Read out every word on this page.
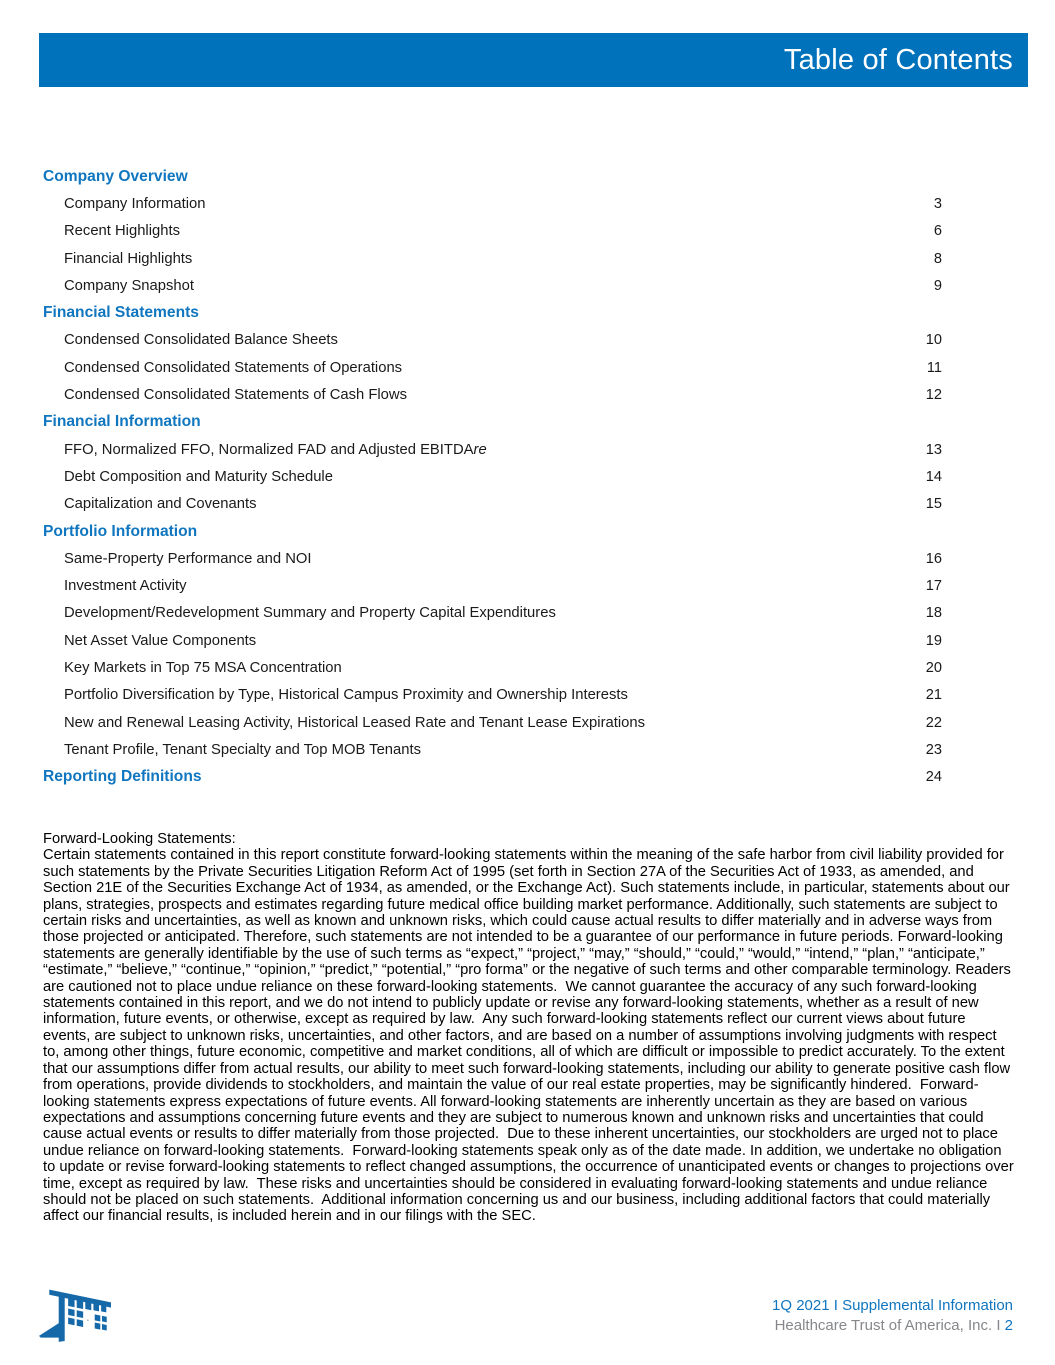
Table of Contents
Company Overview
Company Information	3
Recent Highlights	6
Financial Highlights	8
Company Snapshot	9
Financial Statements
Condensed Consolidated Balance Sheets	10
Condensed Consolidated Statements of Operations	11
Condensed Consolidated Statements of Cash Flows	12
Financial Information
FFO, Normalized FFO, Normalized FAD and Adjusted EBITDA re	13
Debt Composition and Maturity Schedule	14
Capitalization and Covenants	15
Portfolio Information
Same-Property Performance and NOI	16
Investment Activity	17
Development/Redevelopment Summary and Property Capital Expenditures	18
Net Asset Value Components	19
Key Markets in Top 75 MSA Concentration	20
Portfolio Diversification by Type, Historical Campus Proximity and Ownership Interests	21
New and Renewal Leasing Activity, Historical Leased Rate and Tenant Lease Expirations	22
Tenant Profile, Tenant Specialty and Top MOB Tenants	23
Reporting Definitions	24
Forward-Looking Statements:
Certain statements contained in this report constitute forward-looking statements within the meaning of the safe harbor from civil liability provided for such statements by the Private Securities Litigation Reform Act of 1995 (set forth in Section 27A of the Securities Act of 1933, as amended, and Section 21E of the Securities Exchange Act of 1934, as amended, or the Exchange Act). Such statements include, in particular, statements about our plans, strategies, prospects and estimates regarding future medical office building market performance. Additionally, such statements are subject to certain risks and uncertainties, as well as known and unknown risks, which could cause actual results to differ materially and in adverse ways from those projected or anticipated. Therefore, such statements are not intended to be a guarantee of our performance in future periods. Forward-looking statements are generally identifiable by the use of such terms as “expect,” “project,” “may,” “should,” “could,” “would,” “intend,” “plan,” “anticipate,” “estimate,” “believe,” “continue,” “opinion,” “predict,” “potential,” “pro forma” or the negative of such terms and other comparable terminology. Readers are cautioned not to place undue reliance on these forward-looking statements.  We cannot guarantee the accuracy of any such forward-looking statements contained in this report, and we do not intend to publicly update or revise any forward-looking statements, whether as a result of new information, future events, or otherwise, except as required by law.  Any such forward-looking statements reflect our current views about future events, are subject to unknown risks, uncertainties, and other factors, and are based on a number of assumptions involving judgments with respect to, among other things, future economic, competitive and market conditions, all of which are difficult or impossible to predict accurately. To the extent that our assumptions differ from actual results, our ability to meet such forward-looking statements, including our ability to generate positive cash flow from operations, provide dividends to stockholders, and maintain the value of our real estate properties, may be significantly hindered.  Forward-looking statements express expectations of future events. All forward-looking statements are inherently uncertain as they are based on various expectations and assumptions concerning future events and they are subject to numerous known and unknown risks and uncertainties that could cause actual events or results to differ materially from those projected.  Due to these inherent uncertainties, our stockholders are urged not to place undue reliance on forward-looking statements.  Forward-looking statements speak only as of the date made. In addition, we undertake no obligation to update or revise forward-looking statements to reflect changed assumptions, the occurrence of unanticipated events or changes to projections over time, except as required by law.  These risks and uncertainties should be considered in evaluating forward-looking statements and undue reliance should not be placed on such statements.  Additional information concerning us and our business, including additional factors that could materially affect our financial results, is included herein and in our filings with the SEC.
1Q 2021 I Supplemental Information
Healthcare Trust of America, Inc. I 2
